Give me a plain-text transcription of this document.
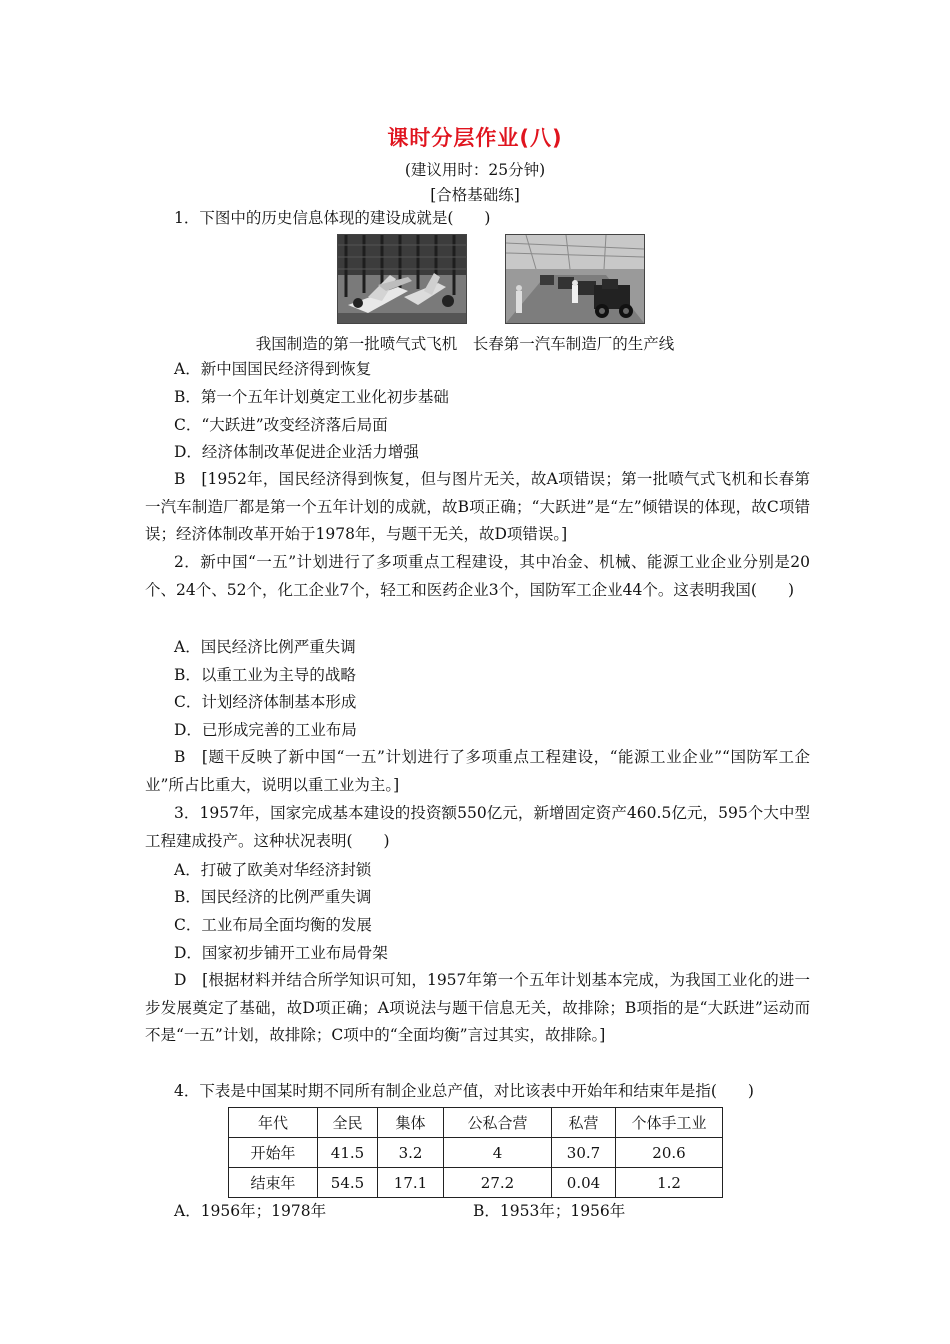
课时分层作业(八)
(建议用时：25分钟)
[合格基础练]
1．下图中的历史信息体现的建设成就是(　　)
我国制造的第一批喷气式飞机　长春第一汽车制造厂的生产线
A．新中国国民经济得到恢复
B．第一个五年计划奠定工业化初步基础
C．“大跃进”改变经济落后局面
D．经济体制改革促进企业活力增强
B　[1952年，国民经济得到恢复，但与图片无关，故A项错误；第一批喷气式飞机和长春第一汽车制造厂都是第一个五年计划的成就，故B项正确；“大跃进”是“左”倾错误的体现，故C项错误；经济体制改革开始于1978年，与题干无关，故D项错误。]
2．新中国“一五”计划进行了多项重点工程建设，其中冶金、机械、能源工业企业分别是20个、24个、52个，化工企业7个，轻工和医药企业3个，国防军工企业44个。这表明我国(　　)
A．国民经济比例严重失调
B．以重工业为主导的战略
C．计划经济体制基本形成
D．已形成完善的工业布局
B　[题干反映了新中国“一五”计划进行了多项重点工程建设，“能源工业企业”“国防军工企业”所占比重大，说明以重工业为主。]
3．1957年，国家完成基本建设的投资额550亿元，新增固定资产460.5亿元，595个大中型工程建成投产。这种状况表明(　　)
A．打破了欧美对华经济封锁
B．国民经济的比例严重失调
C．工业布局全面均衡的发展
D．国家初步铺开工业布局骨架
D　[根据材料并结合所学知识可知，1957年第一个五年计划基本完成，为我国工业化的进一步发展奠定了基础，故D项正确；A项说法与题干信息无关，故排除；B项指的是“大跃进”运动而不是“一五”计划，故排除；C项中的“全面均衡”言过其实，故排除。]
4．下表是中国某时期不同所有制企业总产值，对比该表中开始年和结束年是指(　　)
年代	全民	集体	公私合营	私营	个体手工业
开始年	41.5	3.2	4	30.7	20.6
结束年	54.5	17.1	27.2	0.04	1.2
A．1956年；1978年	B．1953年；1956年
